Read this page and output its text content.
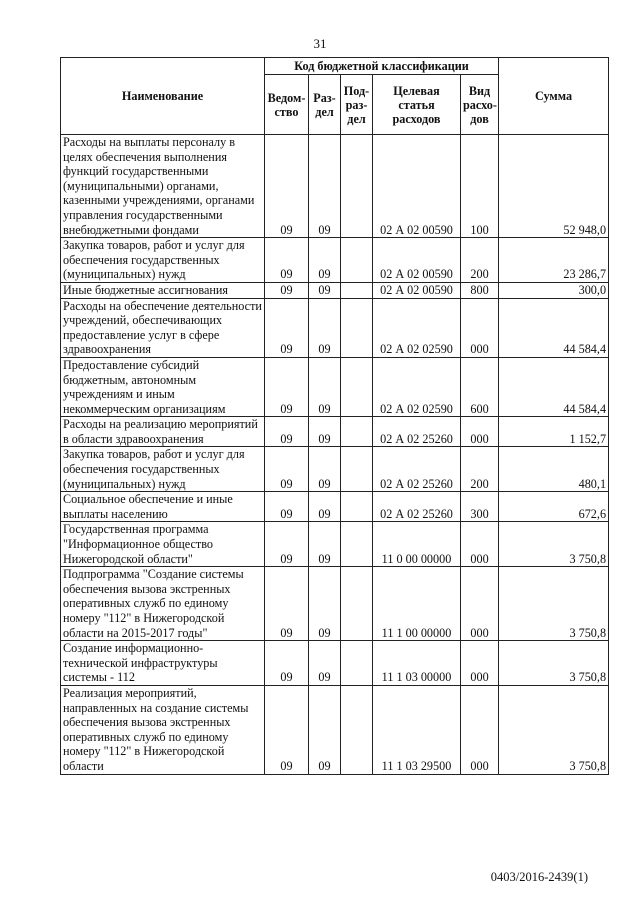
31
Наименование	Код бюджетной классификации					Сумма
	Ведом-ство	Раз-дел	Под-раз-дел	Целевая статья расходов	Вид расхо-дов	
Расходы на выплаты персоналу в целях обеспечения выполнения функций государственными (муниципальными) органами, казенными учреждениями, органами управления государственными внебюджетными фондами	09	09		02 А 02 00590	100	52 948,0
Закупка товаров, работ и услуг для обеспечения государственных (муниципальных) нужд	09	09		02 А 02 00590	200	23 286,7
Иные бюджетные ассигнования	09	09		02 А 02 00590	800	300,0
Расходы на обеспечение деятельности учреждений, обеспечивающих предоставление услуг в сфере здравоохранения	09	09		02 А 02 02590	000	44 584,4
Предоставление субсидий бюджетным, автономным учреждениям и иным некоммерческим организациям	09	09		02 А 02 02590	600	44 584,4
Расходы на реализацию мероприятий в области здравоохранения	09	09		02 А 02 25260	000	1 152,7
Закупка товаров, работ и услуг для обеспечения государственных (муниципальных) нужд	09	09		02 А 02 25260	200	480,1
Социальное обеспечение и иные выплаты населению	09	09		02 А 02 25260	300	672,6
Государственная программа "Информационное общество Нижегородской области"	09	09		11 0 00 00000	000	3 750,8
Подпрограмма "Создание системы обеспечения вызова экстренных оперативных служб по единому номеру "112" в Нижегородской области на 2015-2017 годы"	09	09		11 1 00 00000	000	3 750,8
Создание информационно-технической инфраструктуры системы - 112	09	09		11 1 03 00000	000	3 750,8
Реализация мероприятий, направленных на создание системы обеспечения вызова экстренных оперативных служб по единому номеру "112" в Нижегородской области	09	09		11 1 03 29500	000	3 750,8
0403/2016-2439(1)
